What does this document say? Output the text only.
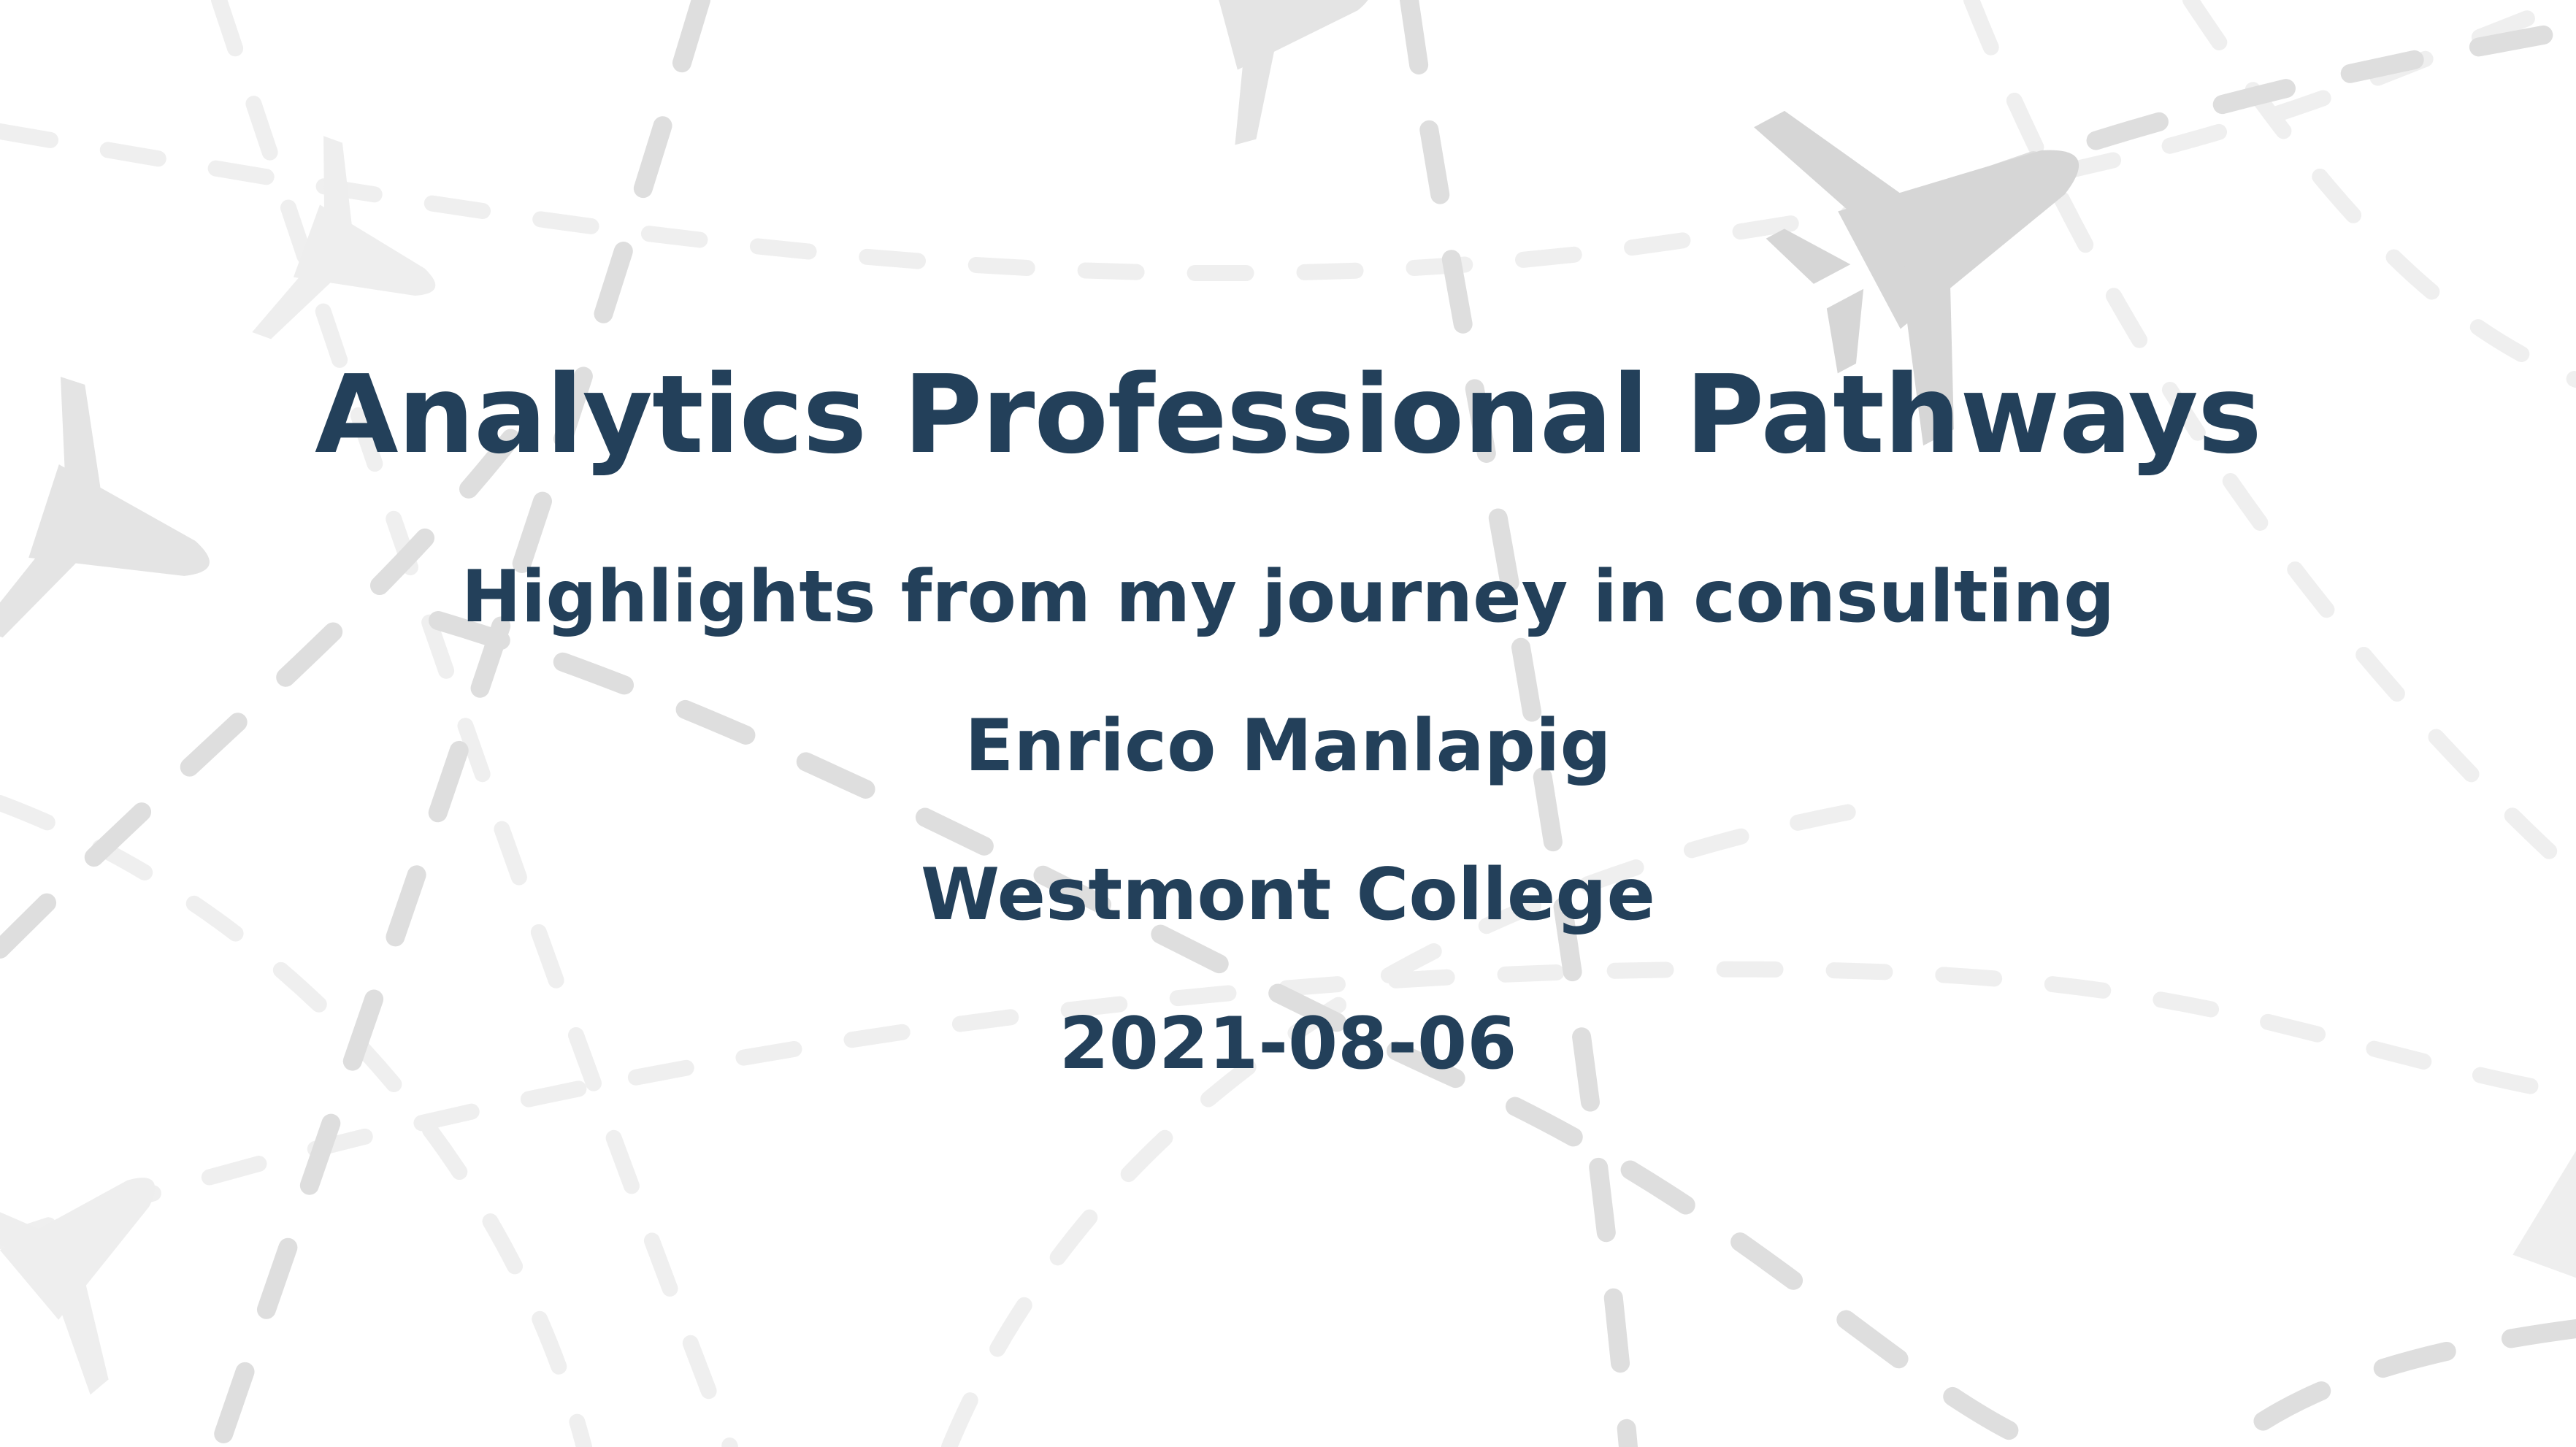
Analytics Professional Pathways
Highlights from my journey in consulting
Enrico Manlapig
Westmont College
2021-08-06
